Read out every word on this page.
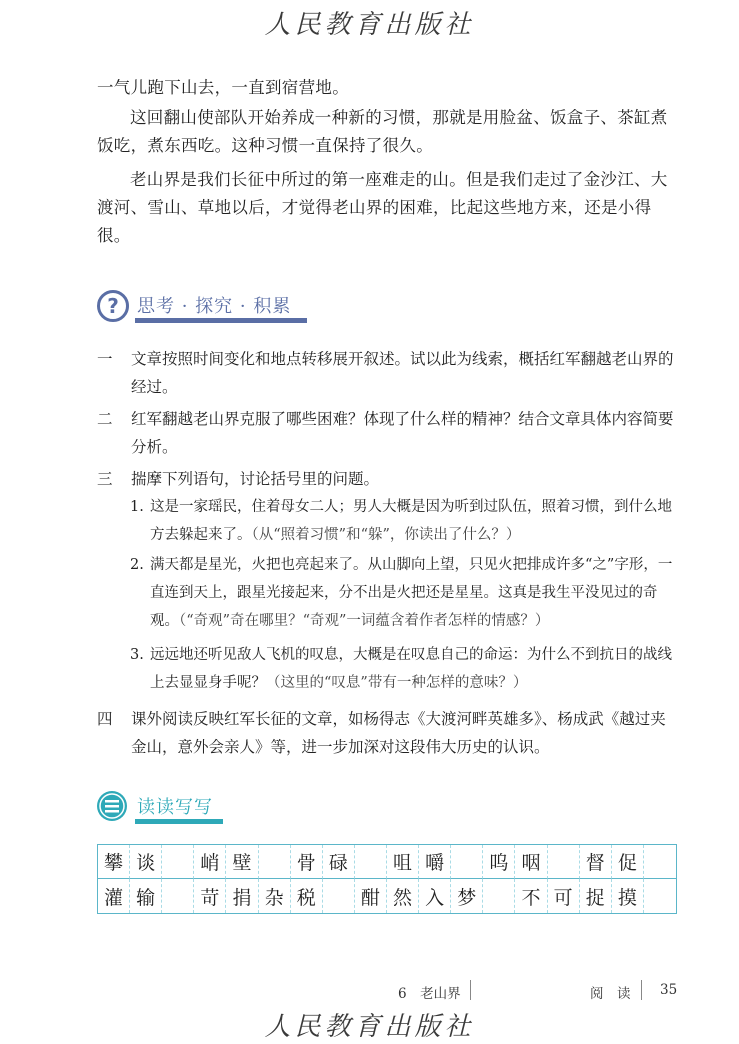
人民教育出版社
一气儿跑下山去，一直到宿营地。
这回翻山使部队开始养成一种新的习惯，那就是用脸盆、饭盒子、茶缸煮饭吃，煮东西吃。这种习惯一直保持了很久。
老山界是我们长征中所过的第一座难走的山。但是我们走过了金沙江、大渡河、雪山、草地以后，才觉得老山界的困难，比起这些地方来，还是小得很。
? 思考 · 探究 · 积累
一 文章按照时间变化和地点转移展开叙述。试以此为线索，概括红军翻越老山界的经过。
二 红军翻越老山界克服了哪些困难？体现了什么样的精神？结合文章具体内容简要分析。
三 揣摩下列语句，讨论括号里的问题。
1. 这是一家瑶民，住着母女二人；男人大概是因为听到过队伍，照着习惯，到什么地方去躲起来了。（从“照着习惯”和“躲”，你读出了什么？）
2. 满天都是星光，火把也亮起来了。从山脚向上望，只见火把排成许多“之”字形，一直连到天上，跟星光接起来，分不出是火把还是星星。这真是我生平没见过的奇观。（“奇观”奇在哪里？“奇观”一词蕴含着作者怎样的情感？）
3. 远远地还听见敌人飞机的叹息，大概是在叹息自己的命运：为什么不到抗日的战线上去显显身手呢？（这里的“叹息”带有一种怎样的意味？）
四 课外阅读反映红军长征的文章，如杨得志《大渡河畔英雄多》、杨成武《越过夹金山，意外会亲人》等，进一步加深对这段伟大历史的认识。
读读写写
攀 谈	峭 壁	骨 碌	咀 嚼	呜 咽	督 促
灌 输	苛 捐 杂 税	酣 然 入 梦	不 可 捉 摸
6　老山界	阅　读 35
人民教育出版社
